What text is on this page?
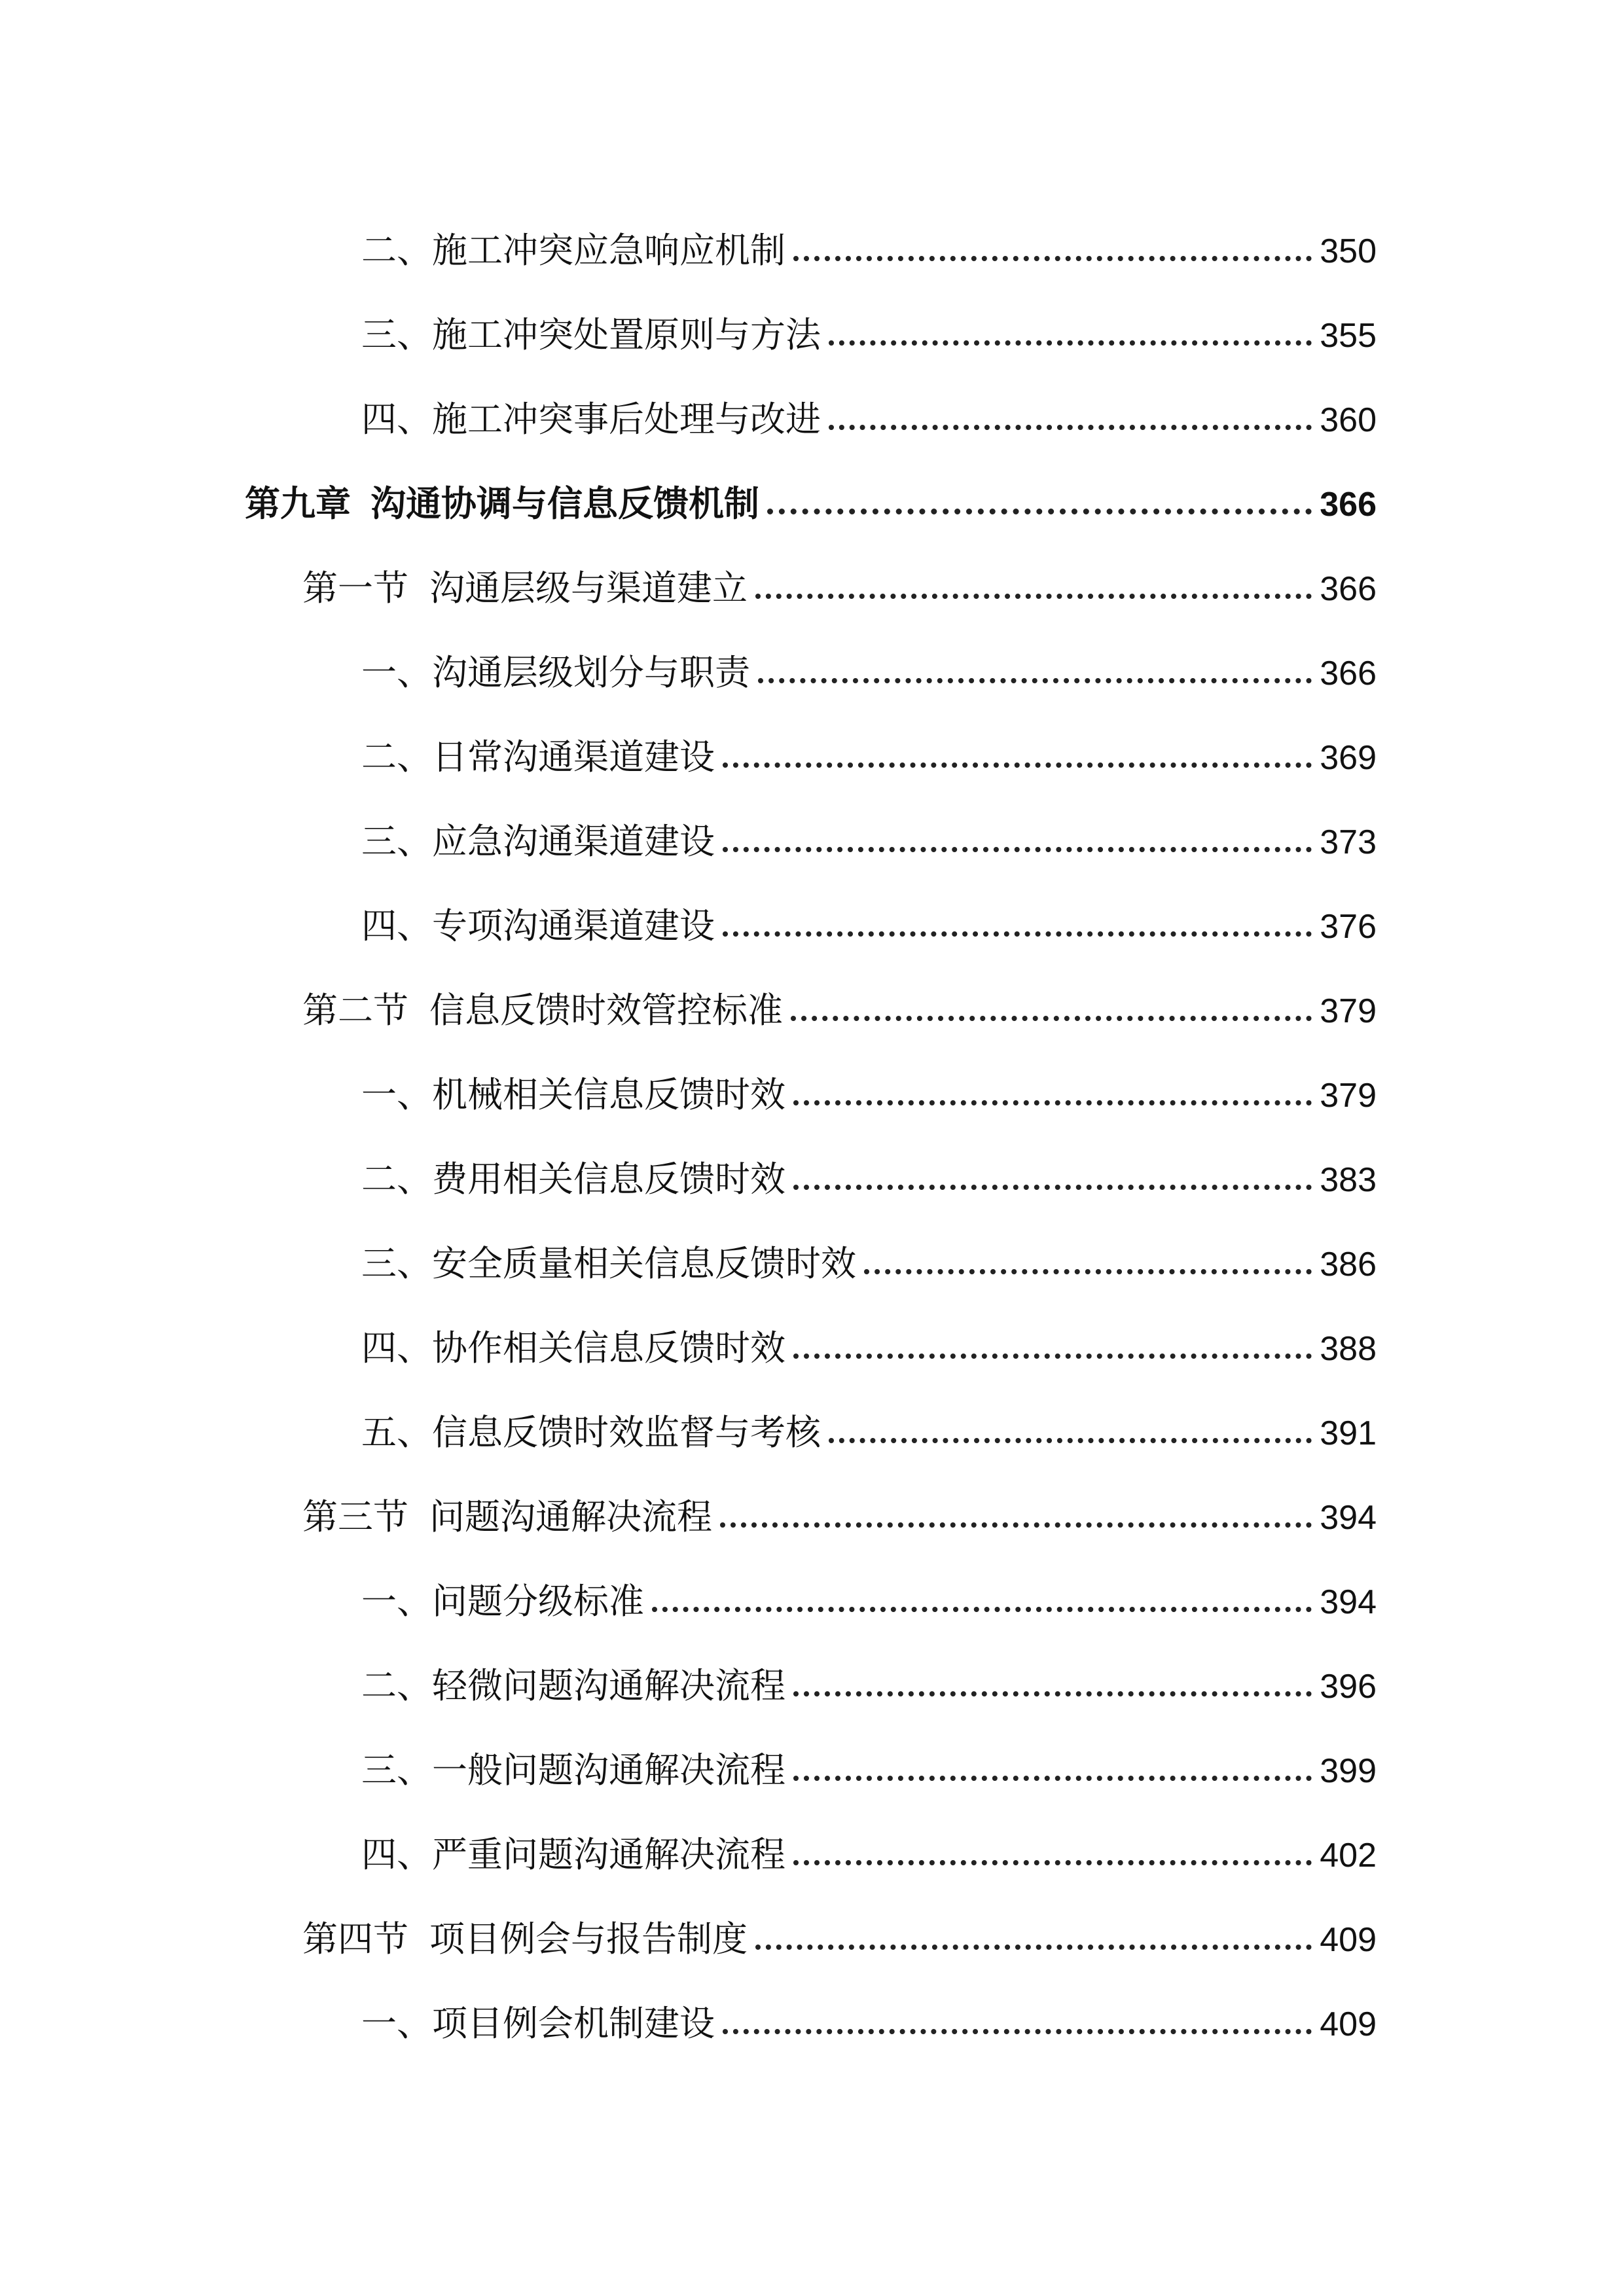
二、施工冲突应急响应机制	350
三、施工冲突处置原则与方法	355
四、施工冲突事后处理与改进	360
第九章 沟通协调与信息反馈机制	366
第一节 沟通层级与渠道建立	366
一、沟通层级划分与职责	366
二、日常沟通渠道建设	369
三、应急沟通渠道建设	373
四、专项沟通渠道建设	376
第二节 信息反馈时效管控标准	379
一、机械相关信息反馈时效	379
二、费用相关信息反馈时效	383
三、安全质量相关信息反馈时效	386
四、协作相关信息反馈时效	388
五、信息反馈时效监督与考核	391
第三节 问题沟通解决流程	394
一、问题分级标准	394
二、轻微问题沟通解决流程	396
三、一般问题沟通解决流程	399
四、严重问题沟通解决流程	402
第四节 项目例会与报告制度	409
一、项目例会机制建设	409
